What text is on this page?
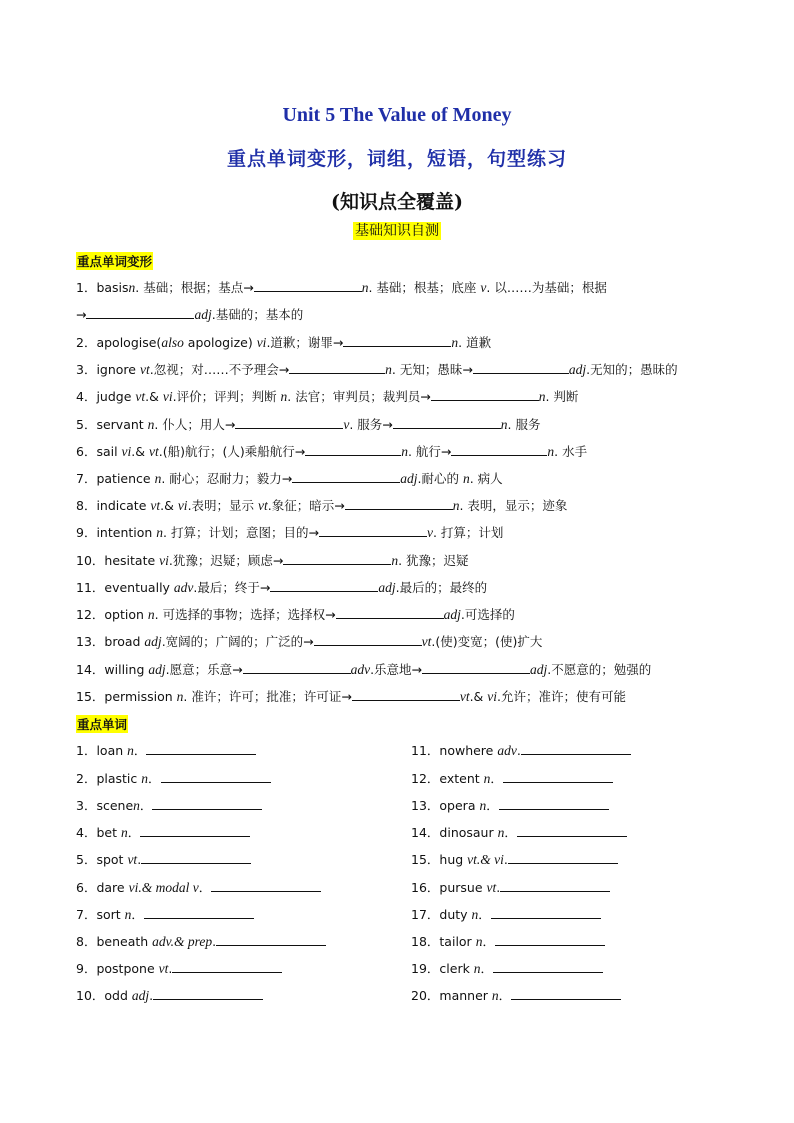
Unit 5 The Value of Money
重点单词变形，词组，短语，句型练习
(知识点全覆盖)
基础知识自测
重点单词变形
1．basisn. 基础；根据；基点→	n. 基础；根基；底座 v. 以……为基础；根据
→	adj.基础的；基本的
2．apologise(also apologize) vi.道歉；谢罪→	n. 道歉
3．ignore vt.忽视；对……不予理会→	n. 无知；愚昧→	adj.无知的；愚昧的
4．judge vt.& vi.评价；评判；判断 n. 法官；审判员；裁判员→	n. 判断
5．servant n. 仆人；用人→	v. 服务→	n. 服务
6．sail vi.& vt.(船)航行；(人)乘船航行→	n. 航行→	n. 水手
7．patience n. 耐心；忍耐力；毅力→	adj.耐心的 n. 病人
8．indicate vt.& vi.表明；显示 vt.象征；暗示→	n. 表明，显示；迹象
9．intention n. 打算；计划；意图；目的→	v. 打算；计划
10．hesitate vi.犹豫；迟疑；顾虑→	n. 犹豫；迟疑
11．eventually adv.最后；终于→	adj.最后的；最终的
12．option n. 可选择的事物；选择；选择权→	adj.可选择的
13．broad adj.宽阔的；广阔的；广泛的→	vt.(使)变宽；(使)扩大
14．willing adj.愿意；乐意→	adv.乐意地→	adj.不愿意的；勉强的
15．permission n. 准许；许可；批准；许可证→	vt.& vi.允许；准许；使有可能
重点单词
1．loan n．
2．plastic n．
3．scenen．
4．bet n．
5．spot vt.
6．dare vi.& modal v．
7．sort n．
8．beneath adv.& prep.
9．postpone vt.
10．odd adj.
11．nowhere adv.
12．extent n．
13．opera n．
14．dinosaur n．
15．hug vt.& vi.
16．pursue vt.
17．duty n．
18．tailor n．
19．clerk n．
20．manner n．
